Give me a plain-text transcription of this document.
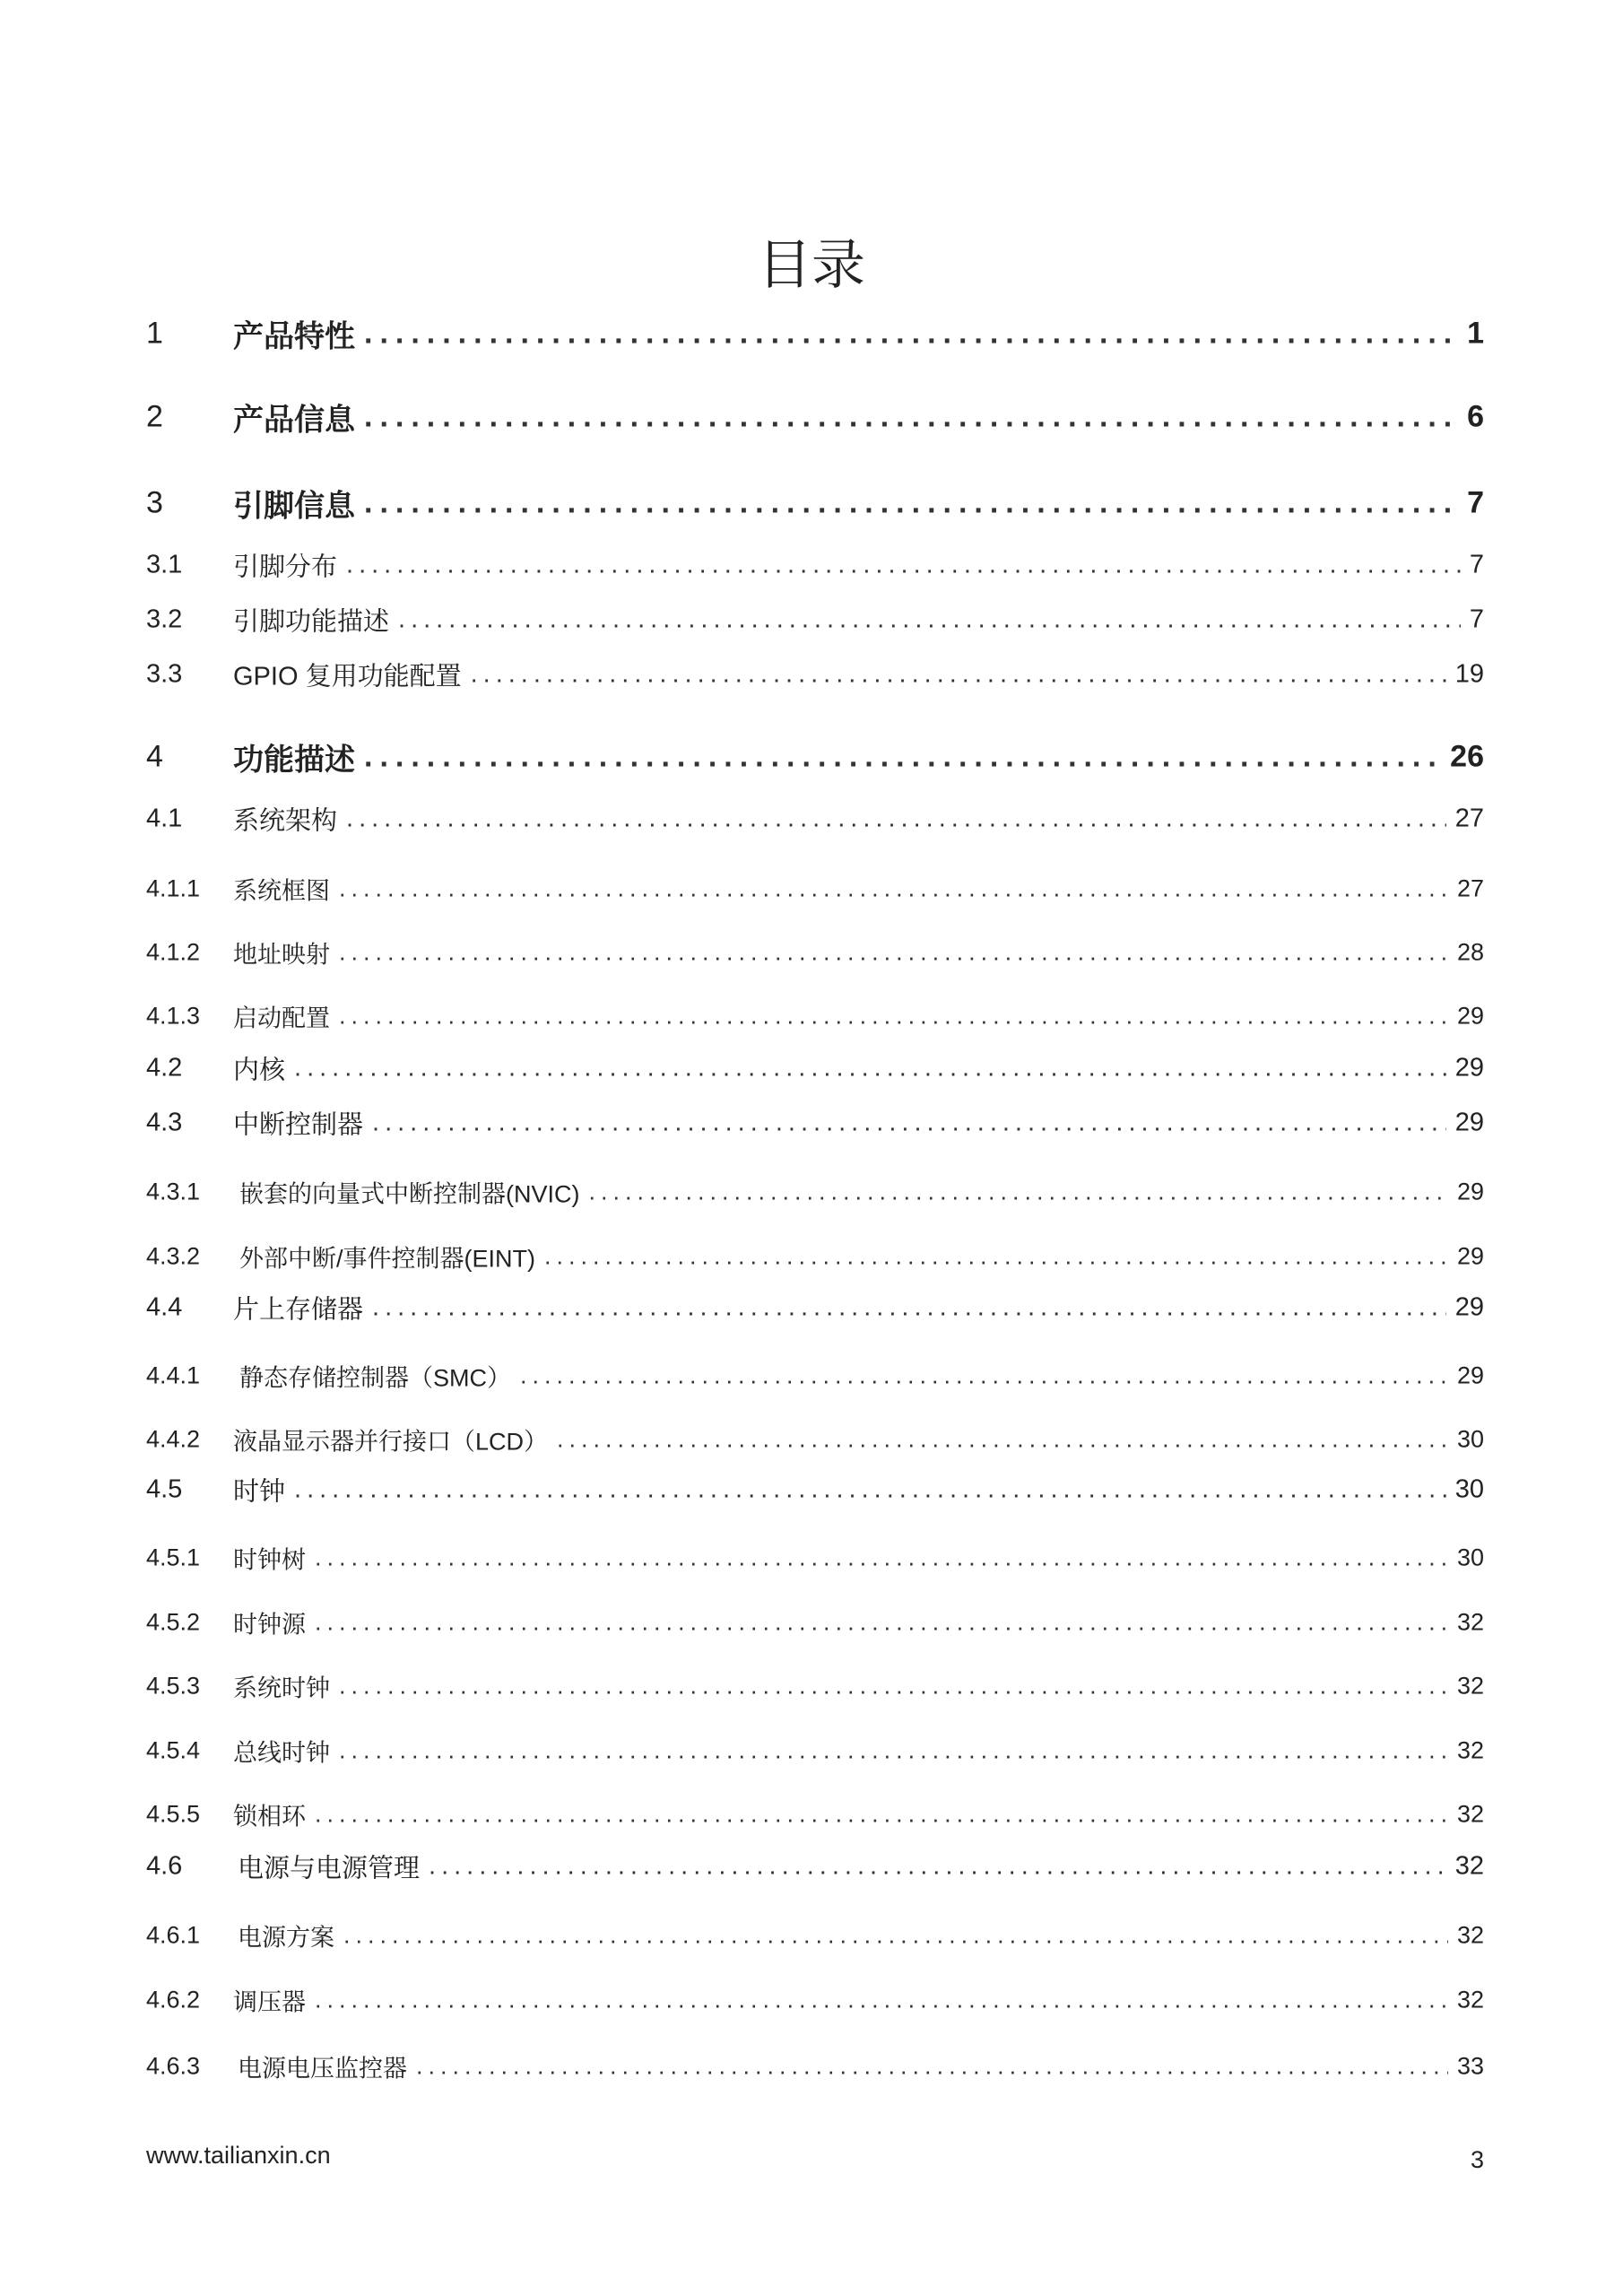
目录
1 产品特性 .....	1
2 产品信息 .....	6
3 引脚信息 .....	7
3.1 引脚分布 .....	7
3.2 引脚功能描述 .....	7
3.3 GPIO 复用功能配置 .....	19
4 功能描述 .....	26
4.1 系统架构 .....	27
4.1.1 系统框图 .....	27
4.1.2 地址映射 .....	28
4.1.3 启动配置 .....	29
4.2 内核 .....	29
4.3 中断控制器 .....	29
4.3.1 嵌套的向量式中断控制器(NVIC) .....	29
4.3.2 外部中断/事件控制器(EINT) .....	29
4.4 片上存储器 .....	29
4.4.1 静态存储控制器（SMC） .....	29
4.4.2 液晶显示器并行接口（LCD） .....	30
4.5 时钟 .....	30
4.5.1 时钟树 .....	30
4.5.2 时钟源 .....	32
4.5.3 系统时钟 .....	32
4.5.4 总线时钟 .....	32
4.5.5 锁相环 .....	32
4.6 电源与电源管理 .....	32
4.6.1 电源方案 .....	32
4.6.2 调压器 .....	32
4.6.3 电源电压监控器 .....	33
www.tailianxin.cn	3
